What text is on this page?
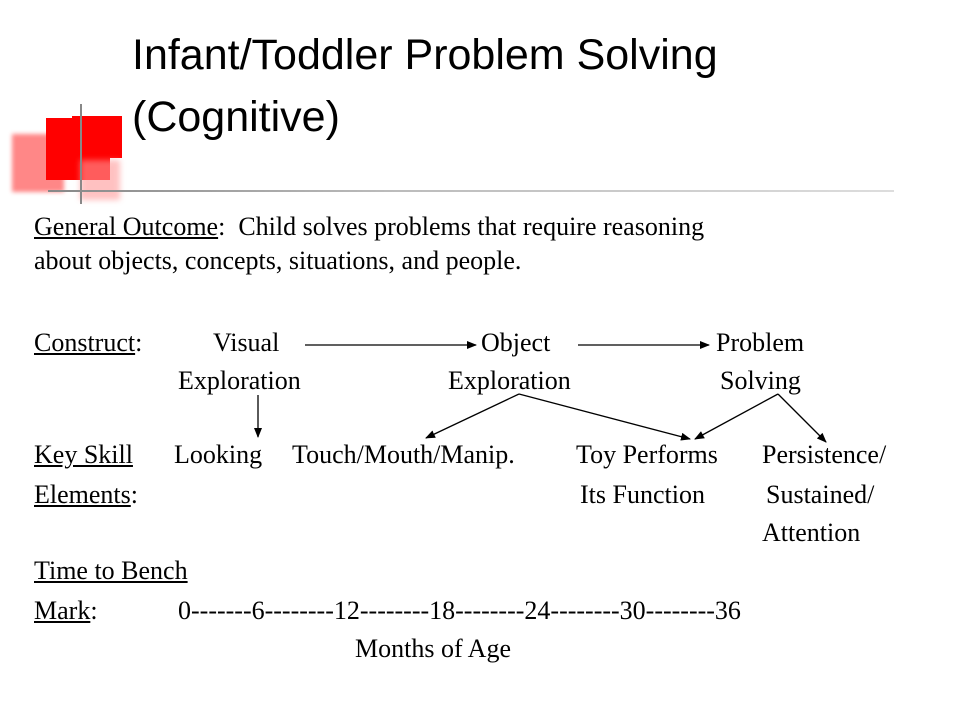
Infant/Toddler Problem Solving
(Cognitive)
General Outcome: Child solves problems that require reasoning
about objects, concepts, situations, and people.
Construct:	Visual
Exploration
Object
Exploration
Problem
Solving
Key Skill
Elements:
Looking Touch/Mouth/Manip. Toy Performs
Its Function
Persistence/
Sustained/
Attention
Time to Bench
Mark:	0-------6--------12--------18--------24--------30--------36
Months of Age
